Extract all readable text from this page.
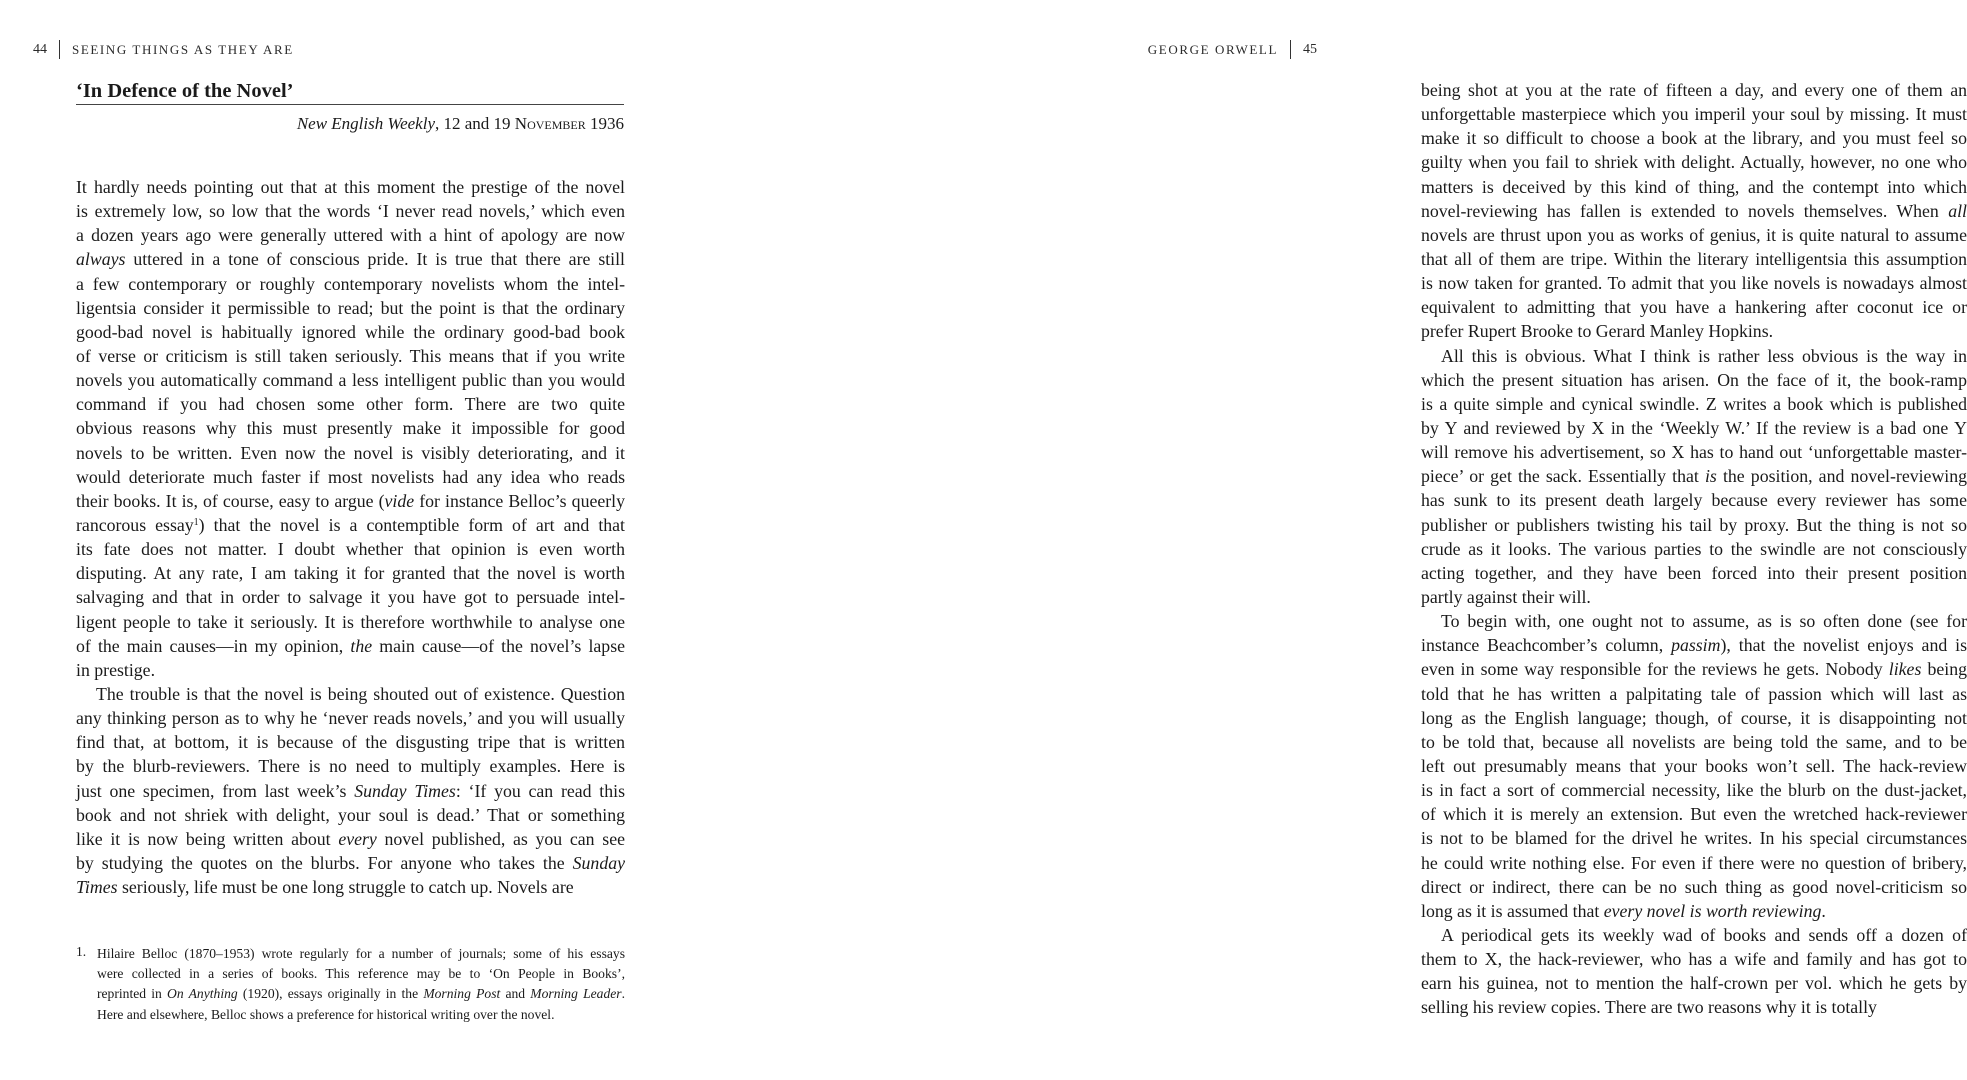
44 SEEING THINGS AS THEY ARE
‘In Defence of the Novel’
New English Weekly, 12 and 19 November 1936
It hardly needs pointing out that at this moment the prestige of the novel
is extremely low, so low that the words ‘I never read novels,’ which even
a dozen years ago were generally uttered with a hint of apology are now
always uttered in a tone of conscious pride. It is true that there are still
a few contemporary or roughly contemporary novelists whom the intel-
ligentsia consider it permissible to read; but the point is that the ordinary
good-bad novel is habitually ignored while the ordinary good-bad book
of verse or criticism is still taken seriously. This means that if you write
novels you automatically command a less intelligent public than you would
command if you had chosen some other form. There are two quite
obvious reasons why this must presently make it impossible for good
novels to be written. Even now the novel is visibly deteriorating, and it
would deteriorate much faster if most novelists had any idea who reads
their books. It is, of course, easy to argue (vide for instance Belloc’s queerly
rancorous essay$^1$) that the novel is a contemptible form of art and that
its fate does not matter. I doubt whether that opinion is even worth
disputing. At any rate, I am taking it for granted that the novel is worth
salvaging and that in order to salvage it you have got to persuade intel-
ligent people to take it seriously. It is therefore worthwhile to analyse one
of the main causes—in my opinion, the main cause—of the novel’s lapse
in prestige.
The trouble is that the novel is being shouted out of existence. Question
any thinking person as to why he ‘never reads novels,’ and you will usually
find that, at bottom, it is because of the disgusting tripe that is written
by the blurb-reviewers. There is no need to multiply examples. Here is
just one specimen, from last week’s Sunday Times: ‘If you can read this
book and not shriek with delight, your soul is dead.’ That or something
like it is now being written about every novel published, as you can see
by studying the quotes on the blurbs. For anyone who takes the Sunday
Times seriously, life must be one long struggle to catch up. Novels are
1. Hilaire Belloc (1870–1953) wrote regularly for a number of journals; some of his essays
were collected in a series of books. This reference may be to ‘On People in Books’,
reprinted in On Anything (1920), essays originally in the Morning Post and Morning Leader.
Here and elsewhere, Belloc shows a preference for historical writing over the novel.
GEORGE ORWELL 45
being shot at you at the rate of fifteen a day, and every one of them an
unforgettable masterpiece which you imperil your soul by missing. It must
make it so difficult to choose a book at the library, and you must feel so
guilty when you fail to shriek with delight. Actually, however, no one who
matters is deceived by this kind of thing, and the contempt into which
novel-reviewing has fallen is extended to novels themselves. When all
novels are thrust upon you as works of genius, it is quite natural to assume
that all of them are tripe. Within the literary intelligentsia this assumption
is now taken for granted. To admit that you like novels is nowadays almost
equivalent to admitting that you have a hankering after coconut ice or
prefer Rupert Brooke to Gerard Manley Hopkins.
All this is obvious. What I think is rather less obvious is the way in
which the present situation has arisen. On the face of it, the book-ramp
is a quite simple and cynical swindle. Z writes a book which is published
by Y and reviewed by X in the ‘Weekly W.’ If the review is a bad one Y
will remove his advertisement, so X has to hand out ‘unforgettable master-
piece’ or get the sack. Essentially that is the position, and novel-reviewing
has sunk to its present death largely because every reviewer has some
publisher or publishers twisting his tail by proxy. But the thing is not so
crude as it looks. The various parties to the swindle are not consciously
acting together, and they have been forced into their present position
partly against their will.
To begin with, one ought not to assume, as is so often done (see for
instance Beachcomber’s column, passim), that the novelist enjoys and is
even in some way responsible for the reviews he gets. Nobody likes being
told that he has written a palpitating tale of passion which will last as
long as the English language; though, of course, it is disappointing not
to be told that, because all novelists are being told the same, and to be
left out presumably means that your books won’t sell. The hack-review
is in fact a sort of commercial necessity, like the blurb on the dust-jacket,
of which it is merely an extension. But even the wretched hack-reviewer
is not to be blamed for the drivel he writes. In his special circumstances
he could write nothing else. For even if there were no question of bribery,
direct or indirect, there can be no such thing as good novel-criticism so
long as it is assumed that every novel is worth reviewing.
A periodical gets its weekly wad of books and sends off a dozen of
them to X, the hack-reviewer, who has a wife and family and has got to
earn his guinea, not to mention the half-crown per vol. which he gets by
selling his review copies. There are two reasons why it is totally
